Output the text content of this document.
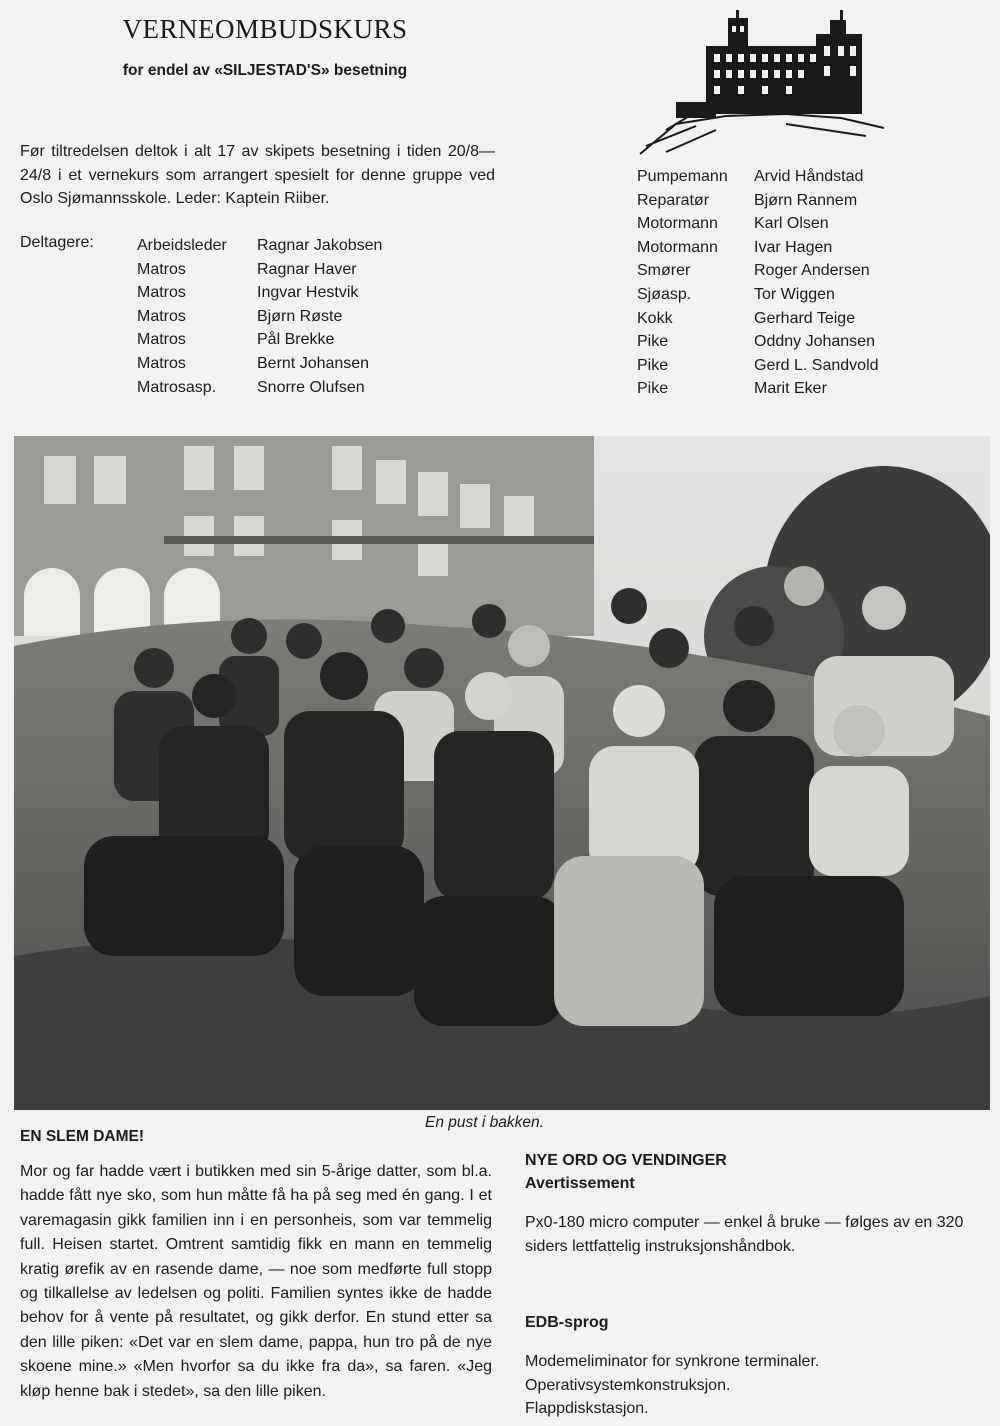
VERNEOMBUDSKURS
for endel av «SILJESTAD'S» besetning
Før tiltredelsen deltok i alt 17 av skipets besetning i tiden 20/8—24/8 i et vernekurs som arrangert spesielt for denne gruppe ved Oslo Sjømannsskole. Leder: Kaptein Riiber.
Deltagere:	Arbeidsleder
Matros
Matros
Matros
Matros
Matros
Matrosasp.
Ragnar Jakobsen
Ragnar Haver
Ingvar Hestvik
Bjørn Røste
Pål Brekke
Bernt Johansen
Snorre Olufsen
Pumpemann
Reparatør
Motormann
Motormann
Smører
Sjøasp.
Kokk
Pike
Pike
Pike
Arvid Håndstad
Bjørn Rannem
Karl Olsen
Ivar Hagen
Roger Andersen
Tor Wiggen
Gerhard Teige
Oddny Johansen
Gerd L. Sandvold
Marit Eker
En pust i bakken.
EN SLEM DAME!
Mor og far hadde vært i butikken med sin 5-årige datter, som bl.a. hadde fått nye sko, som hun måtte få ha på seg med én gang. I et varemagasin gikk familien inn i en personheis, som var temmelig full. Heisen startet. Omtrent samtidig fikk en mann en temmelig kratig ørefik av en rasende dame, — noe som medførte full stopp og tilkallelse av ledelsen og politi. Familien syntes ikke de hadde behov for å vente på resultatet, og gikk derfor. En stund etter sa den lille piken: «Det var en slem dame, pappa, hun tro på de nye skoene mine.» «Men hvorfor sa du ikke fra da», sa faren. «Jeg kløp henne bak i stedet», sa den lille piken.
NYE ORD OG VENDINGER
Avertissement
Px0-180 micro computer — enkel å bruke — følges av en 320 siders lettfattelig instruksjonshåndbok.
EDB-sprog
Modemeliminator for synkrone terminaler.
Operativsystemkonstruksjon.
Flappdiskstasjon.
